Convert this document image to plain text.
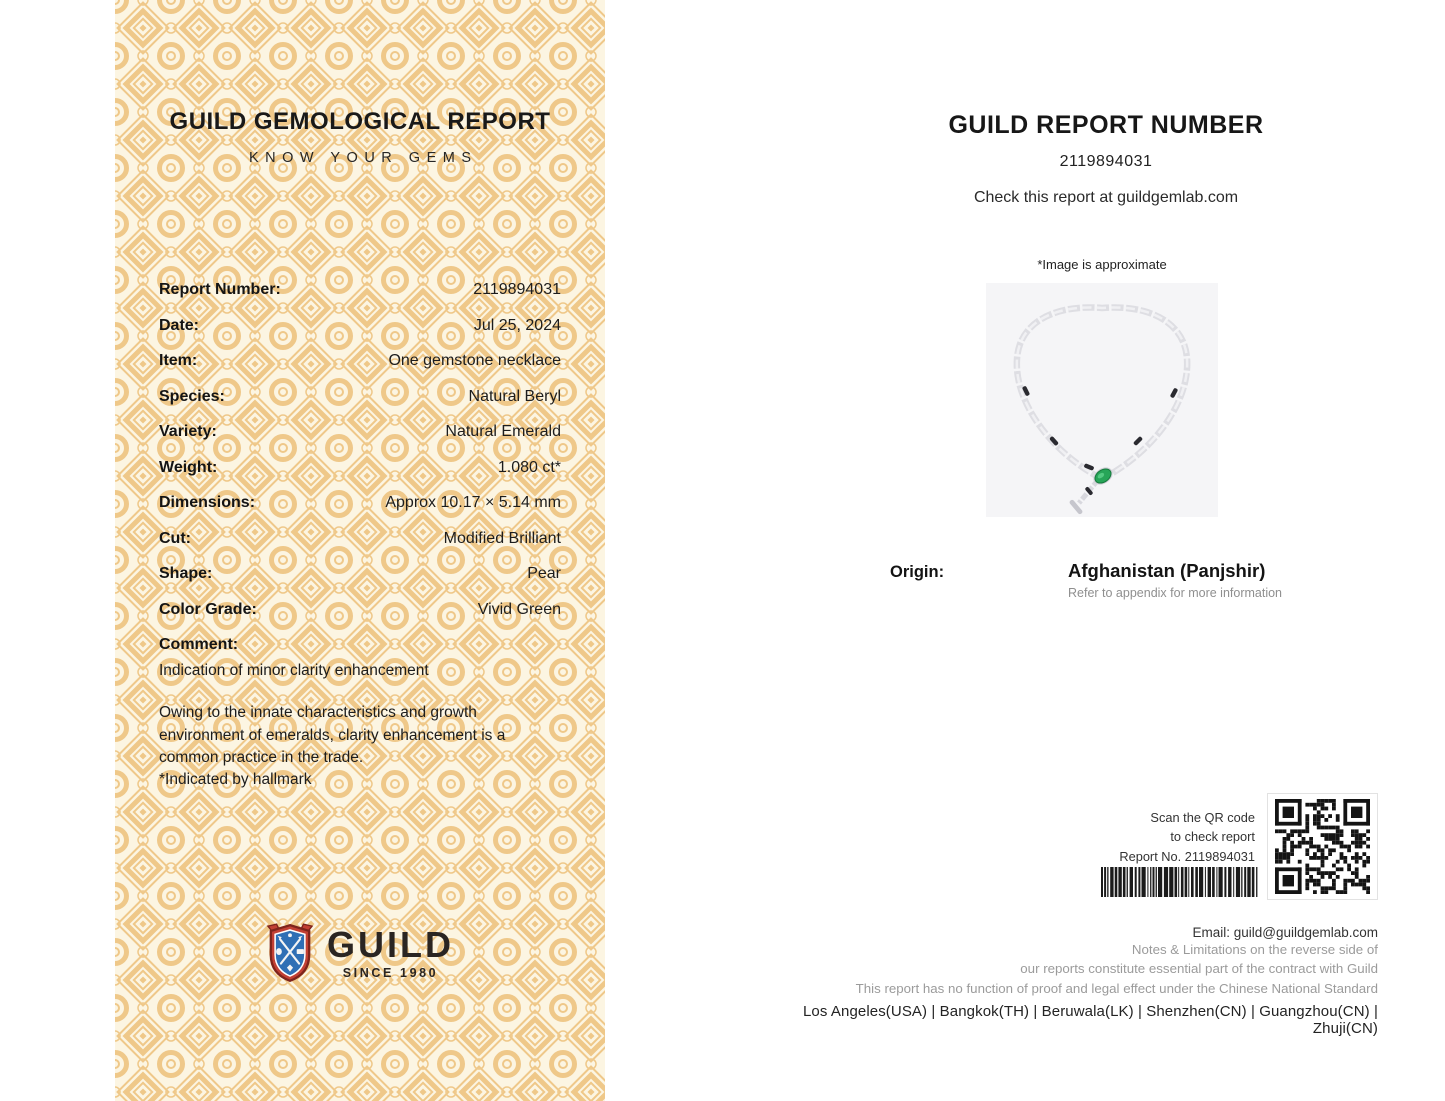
GUILD GEMOLOGICAL REPORT
KNOW YOUR GEMS
Report Number:	2119894031
Date:	Jul 25, 2024
Item:	One gemstone necklace
Species:	Natural Beryl
Variety:	Natural Emerald
Weight:	1.080 ct*
Dimensions:	Approx 10.17 × 5.14 mm
Cut:	Modified Brilliant
Shape:	Pear
Color Grade:	Vivid Green
Comment:
Indication of minor clarity enhancement
Owing to the innate characteristics and growth environment of emeralds, clarity enhancement is a common practice in the trade.
*Indicated by hallmark
GUILD
SINCE 1980
GUILD REPORT NUMBER
2119894031
Check this report at guildgemlab.com
*Image is approximate
Origin:	Afghanistan (Panjshir)
Refer to appendix for more information
Scan the QR code
to check report
Report No. 2119894031
Email: guild@guildgemlab.com
Notes & Limitations on the reverse side of
our reports constitute essential part of the contract with Guild
This report has no function of proof and legal effect under the Chinese National Standard
Los Angeles(USA) | Bangkok(TH) | Beruwala(LK) | Shenzhen(CN) | Guangzhou(CN) | Zhuji(CN)
